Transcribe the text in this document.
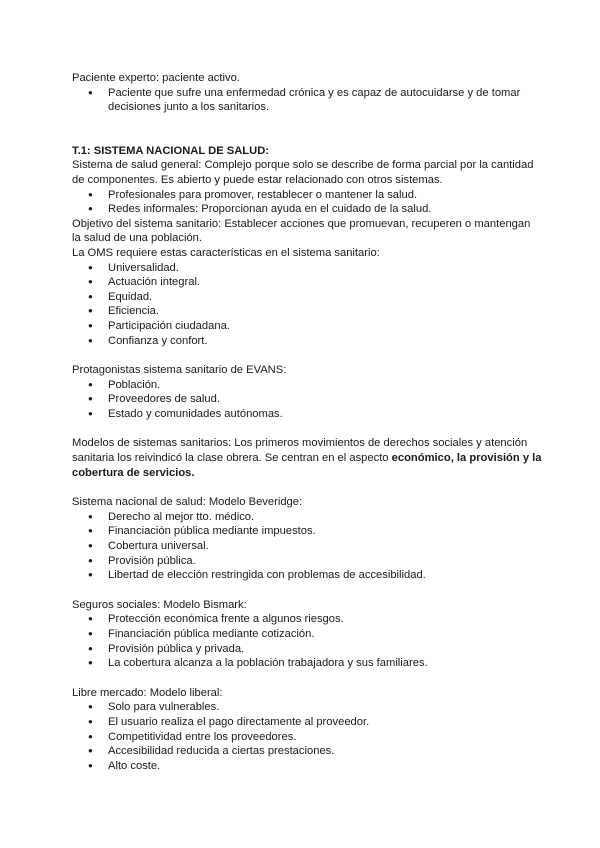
Paciente experto: paciente activo.

● Paciente que sufre una enfermedad crónica y es capaz de autocuidarse y de tomar decisiones junto a los sanitarios.

T.1: SISTEMA NACIONAL DE SALUD:

Sistema de salud general: Complejo porque solo se describe de forma parcial por la cantidad de componentes. Es abierto y puede estar relacionado con otros sistemas.

● Profesionales para promover, restablecer o mantener la salud.
● Redes informales: Proporcionan ayuda en el cuidado de la salud.

Objetivo del sistema sanitario: Establecer acciones que promuevan, recuperen o mantengan la salud de una población.

La OMS requiere estas características en el sistema sanitario:

● Universalidad.
● Actuación integral.
● Equidad.
● Eficiencia.
● Participación ciudadana.
● Confianza y confort.

Protagonistas sistema sanitario de EVANS:

● Población.
● Proveedores de salud.
● Estado y comunidades autónomas.

Modelos de sistemas sanitarios: Los primeros movimientos de derechos sociales y atención sanitaria los reivindicó la clase obrera. Se centran en el aspecto económico, la provisión y la cobertura de servicios.

Sistema nacional de salud: Modelo Beveridge:

● Derecho al mejor tto. médico.
● Financiación pública mediante impuestos.
● Cobertura universal.
● Provisión pública.
● Libertad de elección restringida con problemas de accesibilidad.

Seguros sociales: Modelo Bismark:

● Protección económica frente a algunos riesgos.
● Financiación pública mediante cotización.
● Provisión pública y privada.
● La cobertura alcanza a la población trabajadora y sus familiares.

Libre mercado: Modelo liberal:

● Solo para vulnerables.
● El usuario realiza el pago directamente al proveedor.
● Competitividad entre los proveedores.
● Accesibilidad reducida a ciertas prestaciones.
● Alto coste.
